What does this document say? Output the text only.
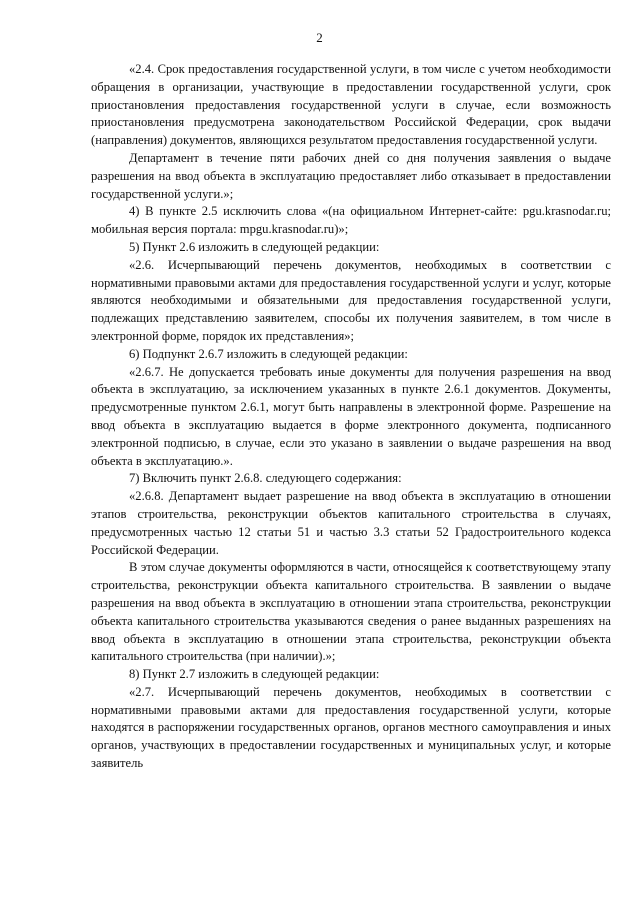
2

«2.4. Срок предоставления государственной услуги, в том числе с учетом необходимости обращения в организации, участвующие в предоставлении государственной услуги, срок приостановления предоставления государственной услуги в случае, если возможность приостановления предусмотрена законодательством Российской Федерации, срок выдачи (направления) документов, являющихся результатом предоставления государственной услуги.

Департамент в течение пяти рабочих дней со дня получения заявления о выдаче разрешения на ввод объекта в эксплуатацию предоставляет либо отказывает в предоставлении государственной услуги.»;

4) В пункте 2.5 исключить слова «(на официальном Интернет-сайте: pgu.krasnodar.ru; мобильная версия портала: mpgu.krasnodar.ru)»;

5) Пункт 2.6 изложить в следующей редакции:

«2.6. Исчерпывающий перечень документов, необходимых в соответствии с нормативными правовыми актами для предоставления государственной услуги и услуг, которые являются необходимыми и обязательными для предоставления государственной услуги, подлежащих представлению заявителем, способы их получения заявителем, в том числе в электронной форме, порядок их представления»;

6) Подпункт 2.6.7 изложить в следующей редакции:

«2.6.7. Не допускается требовать иные документы для получения разрешения на ввод объекта в эксплуатацию, за исключением указанных в пункте 2.6.1 документов. Документы, предусмотренные пунктом 2.6.1, могут быть направлены в электронной форме. Разрешение на ввод объекта в эксплуатацию выдается в форме электронного документа, подписанного электронной подписью, в случае, если это указано в заявлении о выдаче разрешения на ввод объекта в эксплуатацию.».

7) Включить пункт 2.6.8. следующего содержания:

«2.6.8. Департамент выдает разрешение на ввод объекта в эксплуатацию в отношении этапов строительства, реконструкции объектов капитального строительства в случаях, предусмотренных частью 12 статьи 51 и частью 3.3 статьи 52 Градостроительного кодекса Российской Федерации.

В этом случае документы оформляются в части, относящейся к соответствующему этапу строительства, реконструкции объекта капитального строительства. В заявлении о выдаче разрешения на ввод объекта в эксплуатацию в отношении этапа строительства, реконструкции объекта капитального строительства указываются сведения о ранее выданных разрешениях на ввод объекта в эксплуатацию в отношении этапа строительства, реконструкции объекта капитального строительства (при наличии).»;

8) Пункт 2.7 изложить в следующей редакции:

«2.7. Исчерпывающий перечень документов, необходимых в соответствии с нормативными правовыми актами для предоставления государственной услуги, которые находятся в распоряжении государственных органов, органов местного самоуправления и иных органов, участвующих в предоставлении государственных и муниципальных услуг, и которые заявитель
